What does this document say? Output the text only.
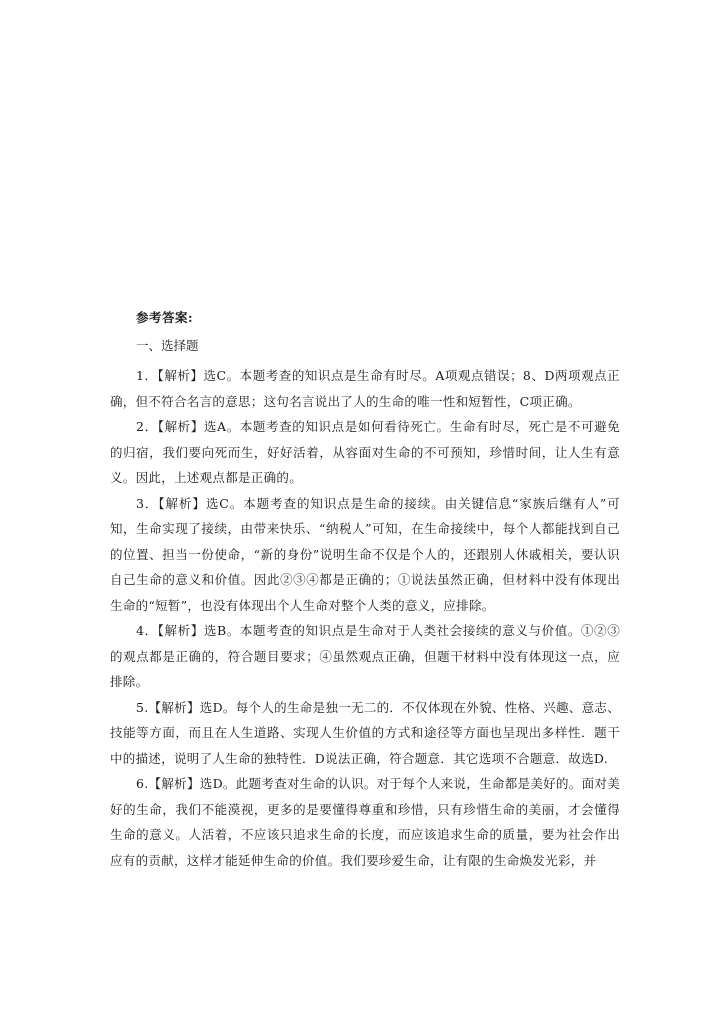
参考答案:
一、选择题

1．【解析】选C。本题考查的知识点是生命有时尽。A项观点错误；8、D两项观点正确，但不符合名言的意思；这句名言说出了人的生命的唯一性和短暂性，C项正确。

2．【解析】选A。本题考查的知识点是如何看待死亡。生命有时尽，死亡是不可避免的归宿，我们要向死而生，好好活着，从容面对生命的不可预知，珍惜时间，让人生有意义。因此，上述观点都是正确的。

3．【解析】选C。本题考查的知识点是生命的接续。由关键信息“家族后继有人”可知，生命实现了接续，由带来快乐、“纳税人”可知，在生命接续中，每个人都能找到自己的位置、担当一份使命，“新的身份”说明生命不仅是个人的，还跟别人休戚相关，要认识自己生命的意义和价值。因此②③④都是正确的；①说法虽然正确，但材料中没有体现出生命的“短暂”，也没有体现出个人生命对整个人类的意义，应排除。

4．【解析】选B。本题考查的知识点是生命对于人类社会接续的意义与价值。①②③的观点都是正确的，符合题目要求；④虽然观点正确，但题干材料中没有体现这一点，应排除。

5.【解析】选D。每个人的生命是独一无二的．不仅体现在外貌、性格、兴趣、意志、技能等方面，而且在人生道路、实现人生价值的方式和途径等方面也呈现出多样性．题干中的描述，说明了人生命的独特性．D说法正确，符合题意．其它选项不合题意．故选D.

6.【解析】选D。此题考查对生命的认识。对于每个人来说，生命都是美好的。面对美好的生命，我们不能漠视，更多的是要懂得尊重和珍惜，只有珍惜生命的美丽，才会懂得生命的意义。人活着，不应该只追求生命的长度，而应该追求生命的质量，要为社会作出应有的贡献，这样才能延伸生命的价值。我们要珍爱生命，让有限的生命焕发光彩，并
